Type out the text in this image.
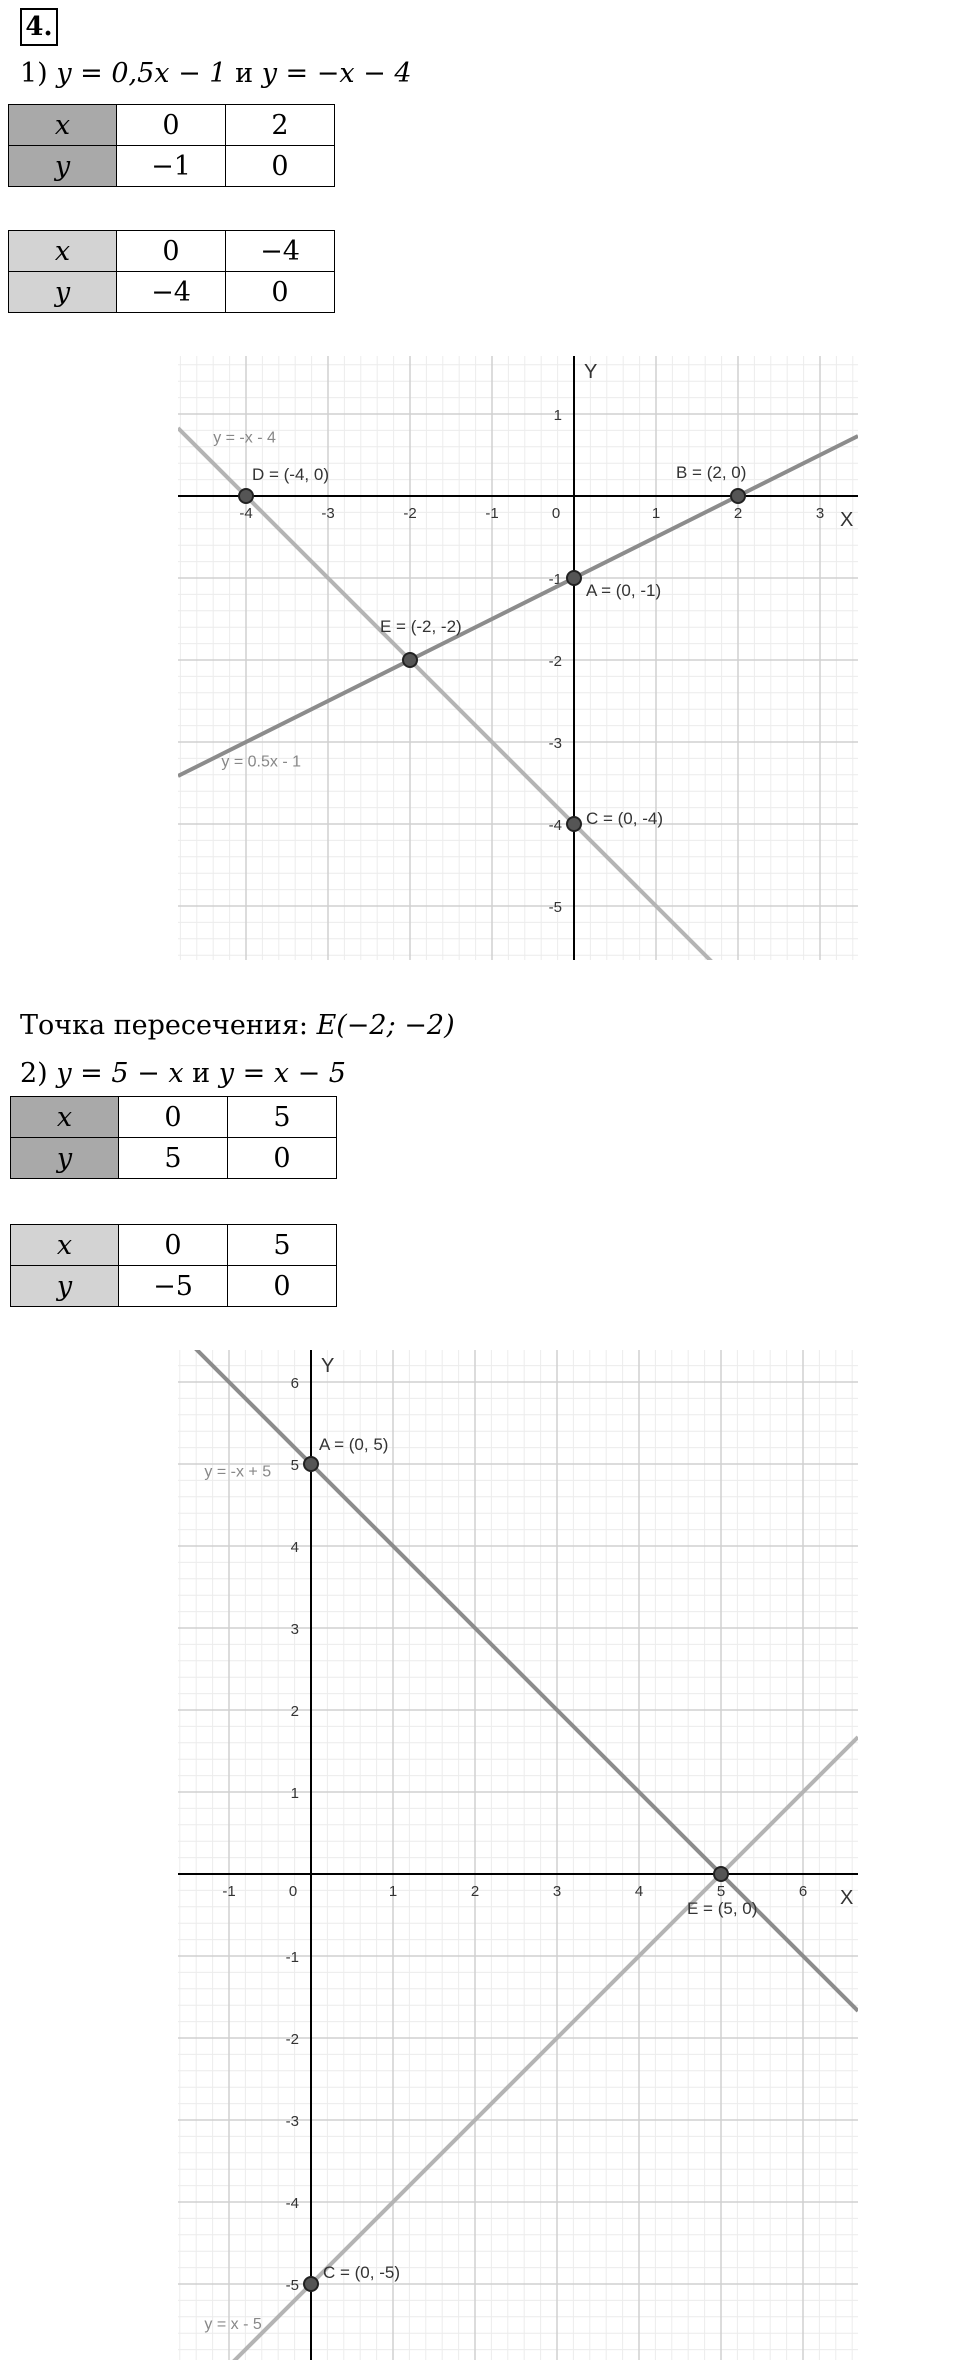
4.
1) y = 0,5x − 1 и y = −x − 4
x	0	2
y	−1	0
x	0	−4
y	−4	0
X
Y
-4	-3	-2	-1	0	1	2	3
1
-1
-2
-3
-4
-5
y = 0.5x - 1
y = -x - 4
A = (0, -1)
B = (2, 0)
C = (0, -4)
D = (-4, 0)
E = (-2, -2)
Точка пересечения: E(−2; −2)
2) y = 5 − x и y = x − 5
x	0	5
y	5	0
x	0	5
y	−5	0
X
Y
-1	0	1	2	3	4	5	6
6
5
4
3
2
1
-1
-2
-3
-4
-5
y = -x + 5
y = x - 5
A = (0, 5)
C = (0, -5)
E = (5, 0)
